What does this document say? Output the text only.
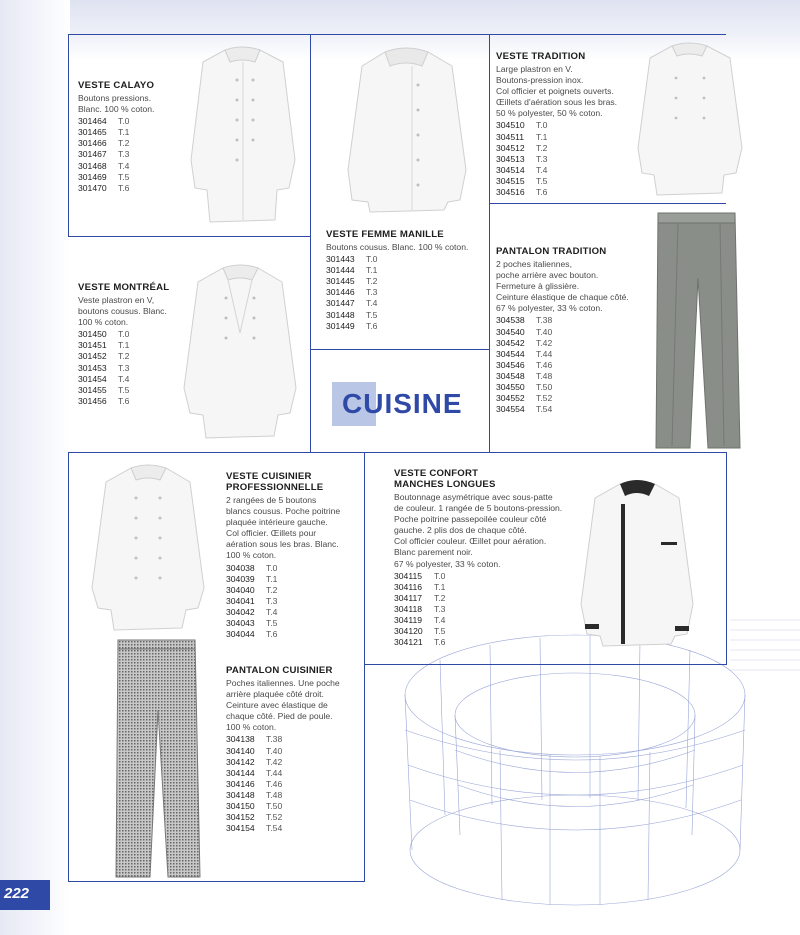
VESTE CALAYO
Boutons pressions.
Blanc. 100 % coton.
301464	T.0
301465	T.1
301466	T.2
301467	T.3
301468	T.4
301469	T.5
301470	T.6
VESTE FEMME MANILLE
Boutons cousus. Blanc. 100 % coton.
301443	T.0
301444	T.1
301445	T.2
301446	T.3
301447	T.4
301448	T.5
301449	T.6
VESTE TRADITION
Large plastron en V.
Boutons-pression inox.
Col officier et poignets ouverts.
Œillets d'aération sous les bras.
50 % polyester, 50 % coton.
304510	T.0
304511	T.1
304512	T.2
304513	T.3
304514	T.4
304515	T.5
304516	T.6
VESTE MONTRÉAL
Veste plastron en V,
boutons cousus. Blanc.
100 % coton.
301450	T.0
301451	T.1
301452	T.2
301453	T.3
301454	T.4
301455	T.5
301456	T.6
PANTALON TRADITION
2 poches italiennes,
poche arrière avec bouton.
Fermeture à glissière.
Ceinture élastique de chaque côté.
67 % polyester, 33 % coton.
304538	T.38
304540	T.40
304542	T.42
304544	T.44
304546	T.46
304548	T.48
304550	T.50
304552	T.52
304554	T.54
CUISINE
VESTE CUISINIER
PROFESSIONNELLE
2 rangées de 5 boutons
blancs cousus. Poche poitrine
plaquée intérieure gauche.
Col officier. Œillets pour
aération sous les bras. Blanc.
100 % coton.
304038	T.0
304039	T.1
304040	T.2
304041	T.3
304042	T.4
304043	T.5
304044	T.6
PANTALON CUISINIER
Poches italiennes. Une poche
arrière plaquée côté droit.
Ceinture avec élastique de
chaque côté. Pied de poule.
100 % coton.
304138	T.38
304140	T.40
304142	T.42
304144	T.44
304146	T.46
304148	T.48
304150	T.50
304152	T.52
304154	T.54
VESTE CONFORT
MANCHES LONGUES
Boutonnage asymétrique avec sous-patte
de couleur. 1 rangée de 5 boutons-pression.
Poche poitrine passepoilée couleur côté
gauche. 2 plis dos de chaque côté.
Col officier couleur. Œillet pour aération.
Blanc parement noir.
67 % polyester, 33 % coton.
304115	T.0
304116	T.1
304117	T.2
304118	T.3
304119	T.4
304120	T.5
304121	T.6
222
